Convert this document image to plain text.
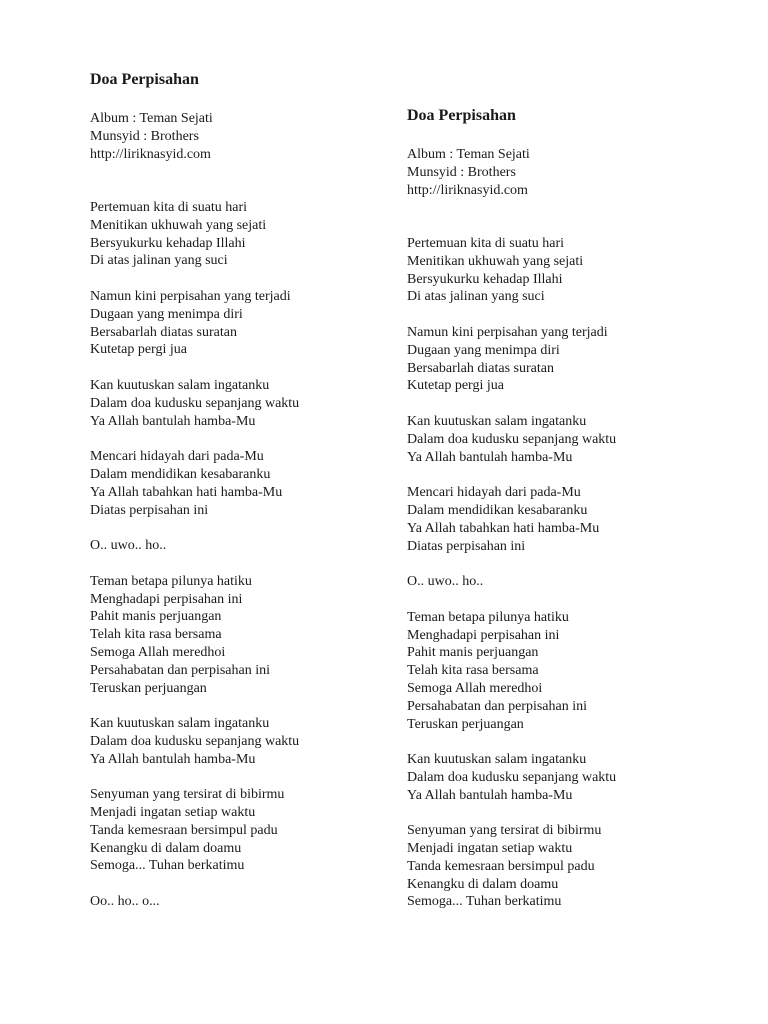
Doa Perpisahan
Album : Teman Sejati
Munsyid : Brothers
http://liriknasyid.com
Pertemuan kita di suatu hari
Menitikan ukhuwah yang sejati
Bersyukurku kehadap Illahi
Di atas jalinan yang suci
Namun kini perpisahan yang terjadi
Dugaan yang menimpa diri
Bersabarlah diatas suratan
Kutetap pergi jua
Kan kuutuskan salam ingatanku
Dalam doa kudusku sepanjang waktu
Ya Allah bantulah hamba-Mu
Mencari hidayah dari pada-Mu
Dalam mendidikan kesabaranku
Ya Allah tabahkan hati hamba-Mu
Diatas perpisahan ini
O.. uwo.. ho..
Teman betapa pilunya hatiku
Menghadapi perpisahan ini
Pahit manis perjuangan
Telah kita rasa bersama
Semoga Allah meredhoi
Persahabatan dan perpisahan ini
Teruskan perjuangan
Kan kuutuskan salam ingatanku
Dalam doa kudusku sepanjang waktu
Ya Allah bantulah hamba-Mu
Senyuman yang tersirat di bibirmu
Menjadi ingatan setiap waktu
Tanda kemesraan bersimpul padu
Kenangku di dalam doamu
Semoga... Tuhan berkatimu
Oo.. ho.. o...
Doa Perpisahan
Album : Teman Sejati
Munsyid : Brothers
http://liriknasyid.com
Pertemuan kita di suatu hari
Menitikan ukhuwah yang sejati
Bersyukurku kehadap Illahi
Di atas jalinan yang suci
Namun kini perpisahan yang terjadi
Dugaan yang menimpa diri
Bersabarlah diatas suratan
Kutetap pergi jua
Kan kuutuskan salam ingatanku
Dalam doa kudusku sepanjang waktu
Ya Allah bantulah hamba-Mu
Mencari hidayah dari pada-Mu
Dalam mendidikan kesabaranku
Ya Allah tabahkan hati hamba-Mu
Diatas perpisahan ini
O.. uwo.. ho..
Teman betapa pilunya hatiku
Menghadapi perpisahan ini
Pahit manis perjuangan
Telah kita rasa bersama
Semoga Allah meredhoi
Persahabatan dan perpisahan ini
Teruskan perjuangan
Kan kuutuskan salam ingatanku
Dalam doa kudusku sepanjang waktu
Ya Allah bantulah hamba-Mu
Senyuman yang tersirat di bibirmu
Menjadi ingatan setiap waktu
Tanda kemesraan bersimpul padu
Kenangku di dalam doamu
Semoga... Tuhan berkatimu
